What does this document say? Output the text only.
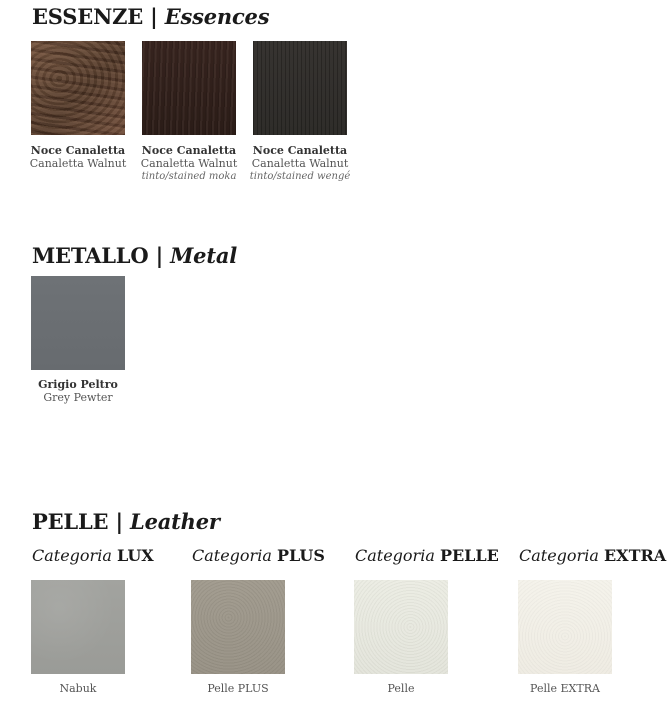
ESSENZE | Essences
Noce Canaletta
Canaletta Walnut
Noce Canaletta
Canaletta Walnut
tinto/stained moka
Noce Canaletta
Canaletta Walnut
tinto/stained wengé
METALLO | Metal
Grigio Peltro
Grey Pewter
PELLE | Leather
Categoria LUX Categoria PLUS Categoria PELLE Categoria EXTRA
Nabuk	Pelle PLUS	Pelle	Pelle EXTRA
